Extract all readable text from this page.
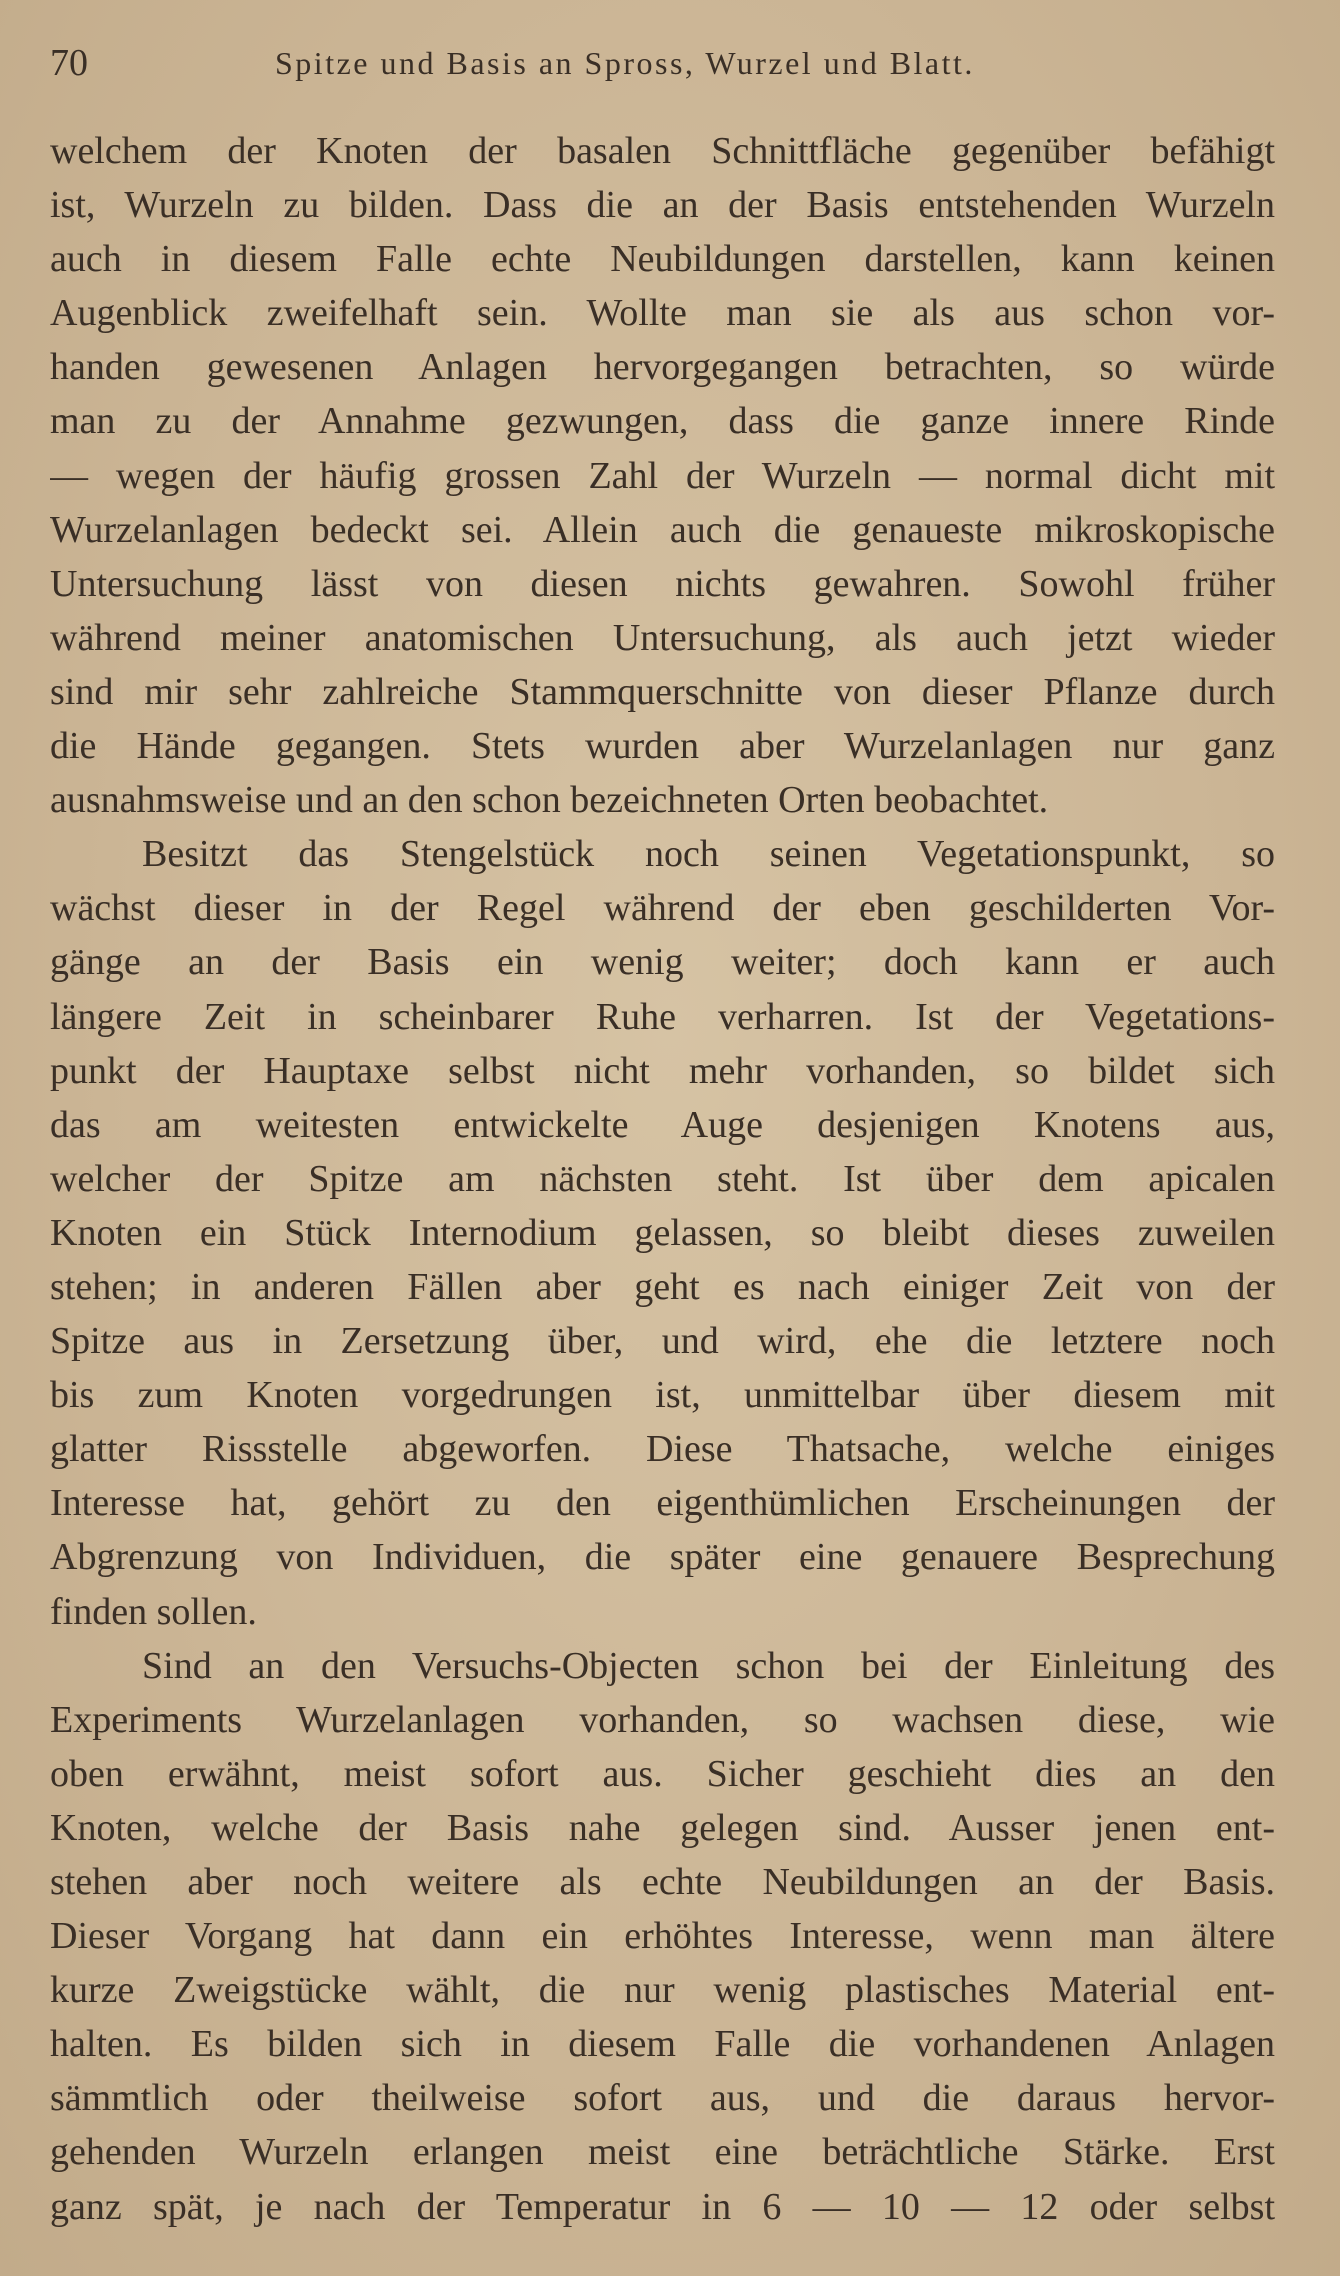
70	Spitze und Basis an Spross, Wurzel und Blatt.
welchem der Knoten der basalen Schnittfläche gegenüber befähigt
ist, Wurzeln zu bilden. Dass die an der Basis entstehenden Wurzeln
auch in diesem Falle echte Neubildungen darstellen, kann keinen
Augenblick zweifelhaft sein. Wollte man sie als aus schon vor-
handen gewesenen Anlagen hervorgegangen betrachten, so würde
man zu der Annahme gezwungen, dass die ganze innere Rinde
— wegen der häufig grossen Zahl der Wurzeln — normal dicht mit
Wurzelanlagen bedeckt sei. Allein auch die genaueste mikroskopische
Untersuchung lässt von diesen nichts gewahren. Sowohl früher
während meiner anatomischen Untersuchung, als auch jetzt wieder
sind mir sehr zahlreiche Stammquerschnitte von dieser Pflanze durch
die Hände gegangen. Stets wurden aber Wurzelanlagen nur ganz
ausnahmsweise und an den schon bezeichneten Orten beobachtet.
Besitzt das Stengelstück noch seinen Vegetationspunkt, so
wächst dieser in der Regel während der eben geschilderten Vor-
gänge an der Basis ein wenig weiter; doch kann er auch
längere Zeit in scheinbarer Ruhe verharren. Ist der Vegetations-
punkt der Hauptaxe selbst nicht mehr vorhanden, so bildet sich
das am weitesten entwickelte Auge desjenigen Knotens aus,
welcher der Spitze am nächsten steht. Ist über dem apicalen
Knoten ein Stück Internodium gelassen, so bleibt dieses zuweilen
stehen; in anderen Fällen aber geht es nach einiger Zeit von der
Spitze aus in Zersetzung über, und wird, ehe die letztere noch
bis zum Knoten vorgedrungen ist, unmittelbar über diesem mit
glatter Rissstelle abgeworfen. Diese Thatsache, welche einiges
Interesse hat, gehört zu den eigenthümlichen Erscheinungen der
Abgrenzung von Individuen, die später eine genauere Besprechung
finden sollen.
Sind an den Versuchs-Objecten schon bei der Einleitung des
Experiments Wurzelanlagen vorhanden, so wachsen diese, wie
oben erwähnt, meist sofort aus. Sicher geschieht dies an den
Knoten, welche der Basis nahe gelegen sind. Ausser jenen ent-
stehen aber noch weitere als echte Neubildungen an der Basis.
Dieser Vorgang hat dann ein erhöhtes Interesse, wenn man ältere
kurze Zweigstücke wählt, die nur wenig plastisches Material ent-
halten. Es bilden sich in diesem Falle die vorhandenen Anlagen
sämmtlich oder theilweise sofort aus, und die daraus hervor-
gehenden Wurzeln erlangen meist eine beträchtliche Stärke. Erst
ganz spät, je nach der Temperatur in 6 — 10 — 12 oder selbst
